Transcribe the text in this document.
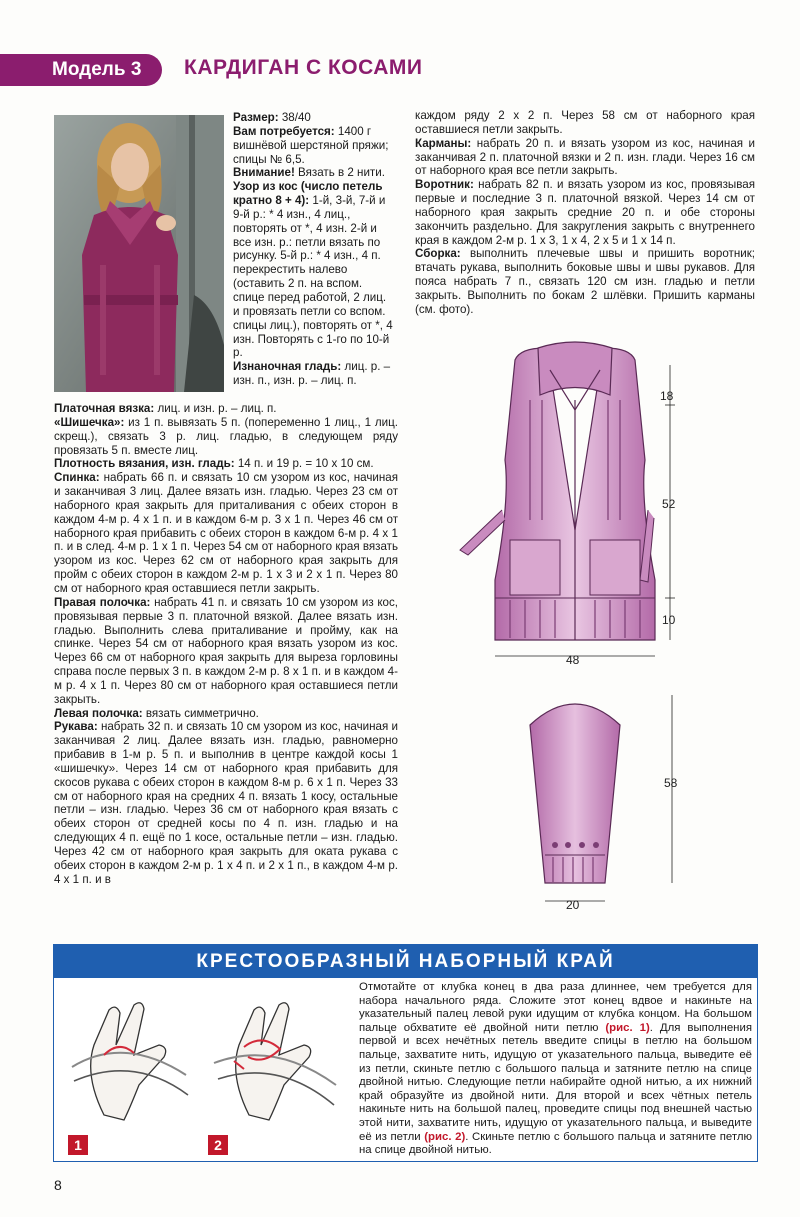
Модель 3	КАРДИГАН С КОСАМИ

Размер: 38/40

Вам потребуется: 1400 г вишнёвой шерстяной пряжи; спицы № 6,5.

Внимание! Вязать в 2 нити.

Узор из кос (число петель кратно 8 + 4): 1-й, 3-й, 7-й и 9-й р.: * 4 изн., 4 лиц., повторять от *, 4 изн. 2-й и все изн. р.: петли вязать по рисунку. 5-й р.: * 4 изн., 4 п. перекрестить налево (оставить 2 п. на вспом. спице перед работой, 2 лиц. и провязать петли со вспом. спицы лиц.), повторять от *, 4 изн. Повторять с 1-го по 10-й р.

Изнаночная гладь: лиц. р. – изн. п., изн. р. – лиц. п.

Платочная вязка: лиц. и изн. р. – лиц. п.

«Шишечка»: из 1 п. вывязать 5 п. (попеременно 1 лиц., 1 лиц. скрещ.), связать 3 р. лиц. гладью, в следующем ряду провязать 5 п. вместе лиц.

Плотность вязания, изн. гладь: 14 п. и 19 р. = 10 х 10 см.

Спинка: набрать 66 п. и связать 10 см узором из кос, начиная и заканчивая 3 лиц. Далее вязать изн. гладью. Через 23 см от наборного края закрыть для приталивания с обеих сторон в каждом 4-м р. 4 х 1 п. и в каждом 6-м р. 3 х 1 п. Через 46 см от наборного края прибавить с обеих сторон в каждом 6-м р. 4 х 1 п. и в след. 4-м р. 1 х 1 п. Через 54 см от наборного края вязать узором из кос. Через 62 см от наборного края закрыть для пройм с обеих сторон в каждом 2-м р. 1 х 3 и 2 х 1 п. Через 80 см от наборного края оставшиеся петли закрыть.

Правая полочка: набрать 41 п. и связать 10 см узором из кос, провязывая первые 3 п. платочной вязкой. Далее вязать изн. гладью. Выполнить слева приталивание и пройму, как на спинке. Через 54 см от наборного края вязать узором из кос. Через 66 см от наборного края закрыть для выреза горловины справа после первых 3 п. в каждом 2-м р. 8 х 1 п. и в каждом 4-м р. 4 х 1 п. Через 80 см от наборного края оставшиеся петли закрыть.

Левая полочка: вязать симметрично.

Рукава: набрать 32 п. и связать 10 см узором из кос, начиная и заканчивая 2 лиц. Далее вязать изн. гладью, равномерно прибавив в 1-м р. 5 п. и выполнив в центре каждой косы 1 «шишечку». Через 14 см от наборного края прибавить для скосов рукава с обеих сторон в каждом 8-м р. 6 х 1 п. Через 33 см от наборного края на средних 4 п. вязать 1 косу, остальные петли – изн. гладью. Через 36 см от наборного края вязать с обеих сторон от средней косы по 4 п. изн. гладью и на следующих 4 п. ещё по 1 косе, остальные петли – изн. гладью. Через 42 см от наборного края закрыть для оката рукава с обеих сторон в каждом 2-м р. 1 х 4 п. и 2 х 1 п., в каждом 4-м р. 4 х 1 п. и в

каждом ряду 2 х 2 п. Через 58 см от наборного края оставшиеся петли закрыть.

Карманы: набрать 20 п. и вязать узором из кос, начиная и заканчивая 2 п. платочной вязки и 2 п. изн. глади. Через 16 см от наборного края все петли закрыть.

Воротник: набрать 82 п. и вязать узором из кос, провязывая первые и последние 3 п. платочной вязкой. Через 14 см от наборного края закрыть средние 20 п. и обе стороны закончить раздельно. Для закругления закрыть с внутреннего края в каждом 2-м р. 1 х 3, 1 х 4, 2 х 5 и 1 х 14 п.

Сборка: выполнить плечевые швы и пришить воротник; втачать рукава, выполнить боковые швы и швы рукавов. Для пояса набрать 7 п., связать 120 см изн. гладью и петли закрыть. Выполнить по бокам 2 шлёвки. Пришить карманы (см. фото).

18
52
10
48
58
20
КРЕСТООБРАЗНЫЙ НАБОРНЫЙ КРАЙ
1	2
Отмотайте от клубка конец в два раза длиннее, чем требуется для набора начального ряда. Сложите этот конец вдвое и накиньте на указательный палец левой руки идущим от клубка концом. На большом пальце обхватите её двойной нити петлю (рис. 1). Для выполнения первой и всех нечётных петель введите спицы в петлю на большом пальце, захватите нить, идущую от указательного пальца, выведите её из петли, скиньте петлю с большого пальца и затяните петлю на спице двойной нитью. Следующие петли набирайте одной нитью, а их нижний край образуйте из двойной нити. Для второй и всех чётных петель накиньте нить на большой палец, проведите спицы под внешней частью этой нити, захватите нить, идущую от указательного пальца, и выведите её из петли (рис. 2). Скиньте петлю с большого пальца и затяните петлю на спице двойной нитью.
8
